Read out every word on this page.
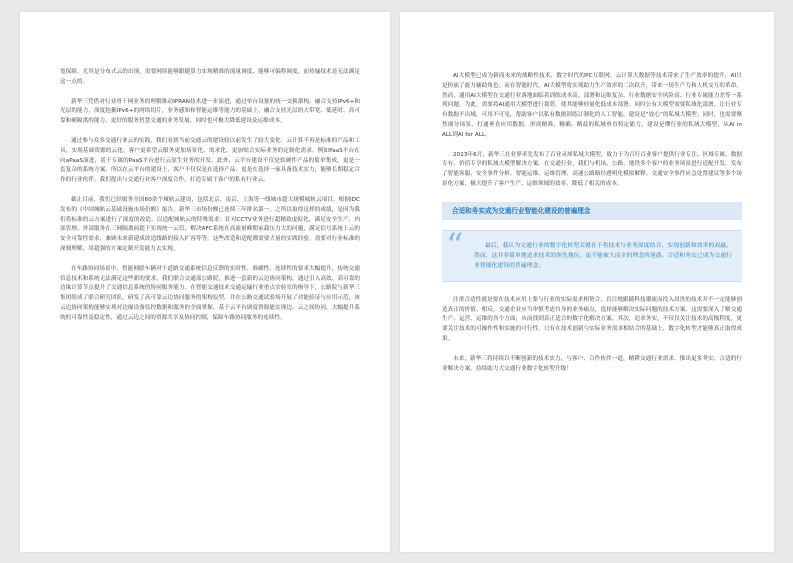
宽保障。尤其是分布式云的出现，需要网络能够跟随算力实现精准的流量调度，能够可编程调度，而传输技术是无法满足这一点的。

新华三凭借对行业骨干网业务的理解推动IPRAN技术进一步演进，通过单台设备的统一交换架构，融合支持IPv6+和光层的能力，深度挖掘IPv6+的网络切片，业务感知和智能运维等能力的基础上，融合支持光层的大带宽、低延时、高可靠和硬隔离的能力，更好的服务智慧交通的业务发展，同时也可极大降低建设及运维成本。

通过参与众多交通行业云的实践，我们看到当前交通云的建设较以前发生了较大变化：云计算不再是标准的产品和工具，实现基础资源的云化，客户更希望云服务更加场景化、需求化，更加贴合实际业务的定制化需求。例如PaaS平台在向aPaaS演进，基于专属的PaaS平台进行云原生业务的开发。此外，云平台建设不仅是软硬件产品的简单集成，更是一套复杂的系统方案，所以在云平台的建设上，客户不仅仅是在选择产品，更是在选择一家具备技术实力，能够长期稳定合作的行业伙伴。我们提出与交通行业客户深度合作，打造专属于客户的私有行业云。

截止目前，我们已经服务全国60余个城轨云建设，包括北京、南京、上海等一线城市超大规模城轨云项目。根据IDC发布的《中国城轨云基础设施市场份额》报告，新华三市场份额已连续三年排名第一。之所以取得这样的成绩，是因为我们将标准的云方案进行了深度的改造，以适配城轨云的特殊需求：针对CCTV业务进行超精致虚拟化，满足安全生产、内部管理、外部服务在三网隔离前提下实现统一云管，解决AFC系统在高流量峰期承载压力大的问题，满足信号系统上云的安全可靠性需求，兼顾未来新建成改造线路的接入扩容等等。这些改造和适配都需要大量的实践经验，需要对行业标准的深刻理解，用超强的方案定制开发能力去实现。

在车路协同场景中，智能网联车辆对于道路交通系统信息反馈的实时性、准确性、连续性的要求大幅提升，传统交通信息技术和系统无法满足这些新的要求。我们联合交通部公路院，推进一套新的云边协同架构，通过引入高效、高可靠的边缘计算节点提升了交通信息系统的协同服务能力。在智能交通技术交通运输行业重点实验室的指导下，公路院与新华三集团组成了联合研究团队，研发了高可靠云边协同服务的架构原型，并在公路交通试验场开展了功能验证与应用示范，该云边协同架构能够实现对边缘设备监控数据和服务的全面掌握，基于云平台调度资源能实现边、云之间协同，大幅提升系统的可靠性及稳定性，通过云边之间的资源共享及协同控制，保障车路协同服务的连续性。

AI大模型已成为新商未来的战略性技术，数字时代的PC互联网、云计算大数据等技术带来了生产效率的提升，AI只是扮演了能力辅助角色。而在智能时代，AI大模型将实现助力生产效率的二次跃升，带来一场生产力和人机交互的革命。然而，通用AI大模型在交通行业落地面临着训练成本高、部署和运维复杂、行业数据安全风险高、行业专属能力差等一系列问题。为此，需要将AI通用大模型进行裁剪，使其能够轻量化低成本部署；同时公有大模型需要私域化部署，让行业专有数据不出域，可用不可见，帮助客户以私有数据训练订制化的人工智能，建设是“放心”的私域大模型；同时，也需要聚焦细分场景，打通垂直应用数据，形成精准、精确、精益的私域垂直特定能力，建设是懂行业的私域大模型，从AI in ALL到AI for ALL。

2023年6月，新华三在业界率先发布了百业灵犀私域大模型，致力于为百行百业客户提供行业专注、区域专属、数据专有、价值专享的私域大模型解决方案。在交通行业，我们与机场、公路、地铁多个客户的业务场景进行适配开发，发布了智能客服、安全事件分析、智能运维、运维管理、高速公路路径透明化模拟解释、交通安全事件应急处置建议等多个场景化方案，极大提升了客户生产、运维领域的效率，降低了相关的成本。

合适和务实成为交通行业智能化建设的普遍理念
“	最后，我认为交通行业的数字化转型关键在于将技术与业务深度结合，实现创新和效率的双赢。然而，这并非简单地追求技术的领先地位，更不能被大而全的理念所迷惑。合适和务实已成为交通行业智能化建设的普遍理念。

注重合适性就是要在技术应用上要与行业的实际需求相契合。盲目地跟随科技潮流而投入昂贵的技术并不一定能够创造真正的价值。相反，交通企业应当审慎考虑自身的业务痛点，选择能够解决实际问题的技术方案。这需要深入了解交通生产、运营、运维的各个方面，从而找到真正适合的数字化解决方案。其次，追求务实，不仅仅关注技术的高级程度，更要关注技术的可操作性和实施的可行性。只有在技术创新与实际业务需求相结合的基础上，数字化转型才能够真正取得成果。

未来，新华三将持续以不断创新的技术实力，与客户、合作伙伴一道，精耕交通行业需求，推出更多务实、合适的行业解决方案，持续助力大交通行业数字化转型升级！
